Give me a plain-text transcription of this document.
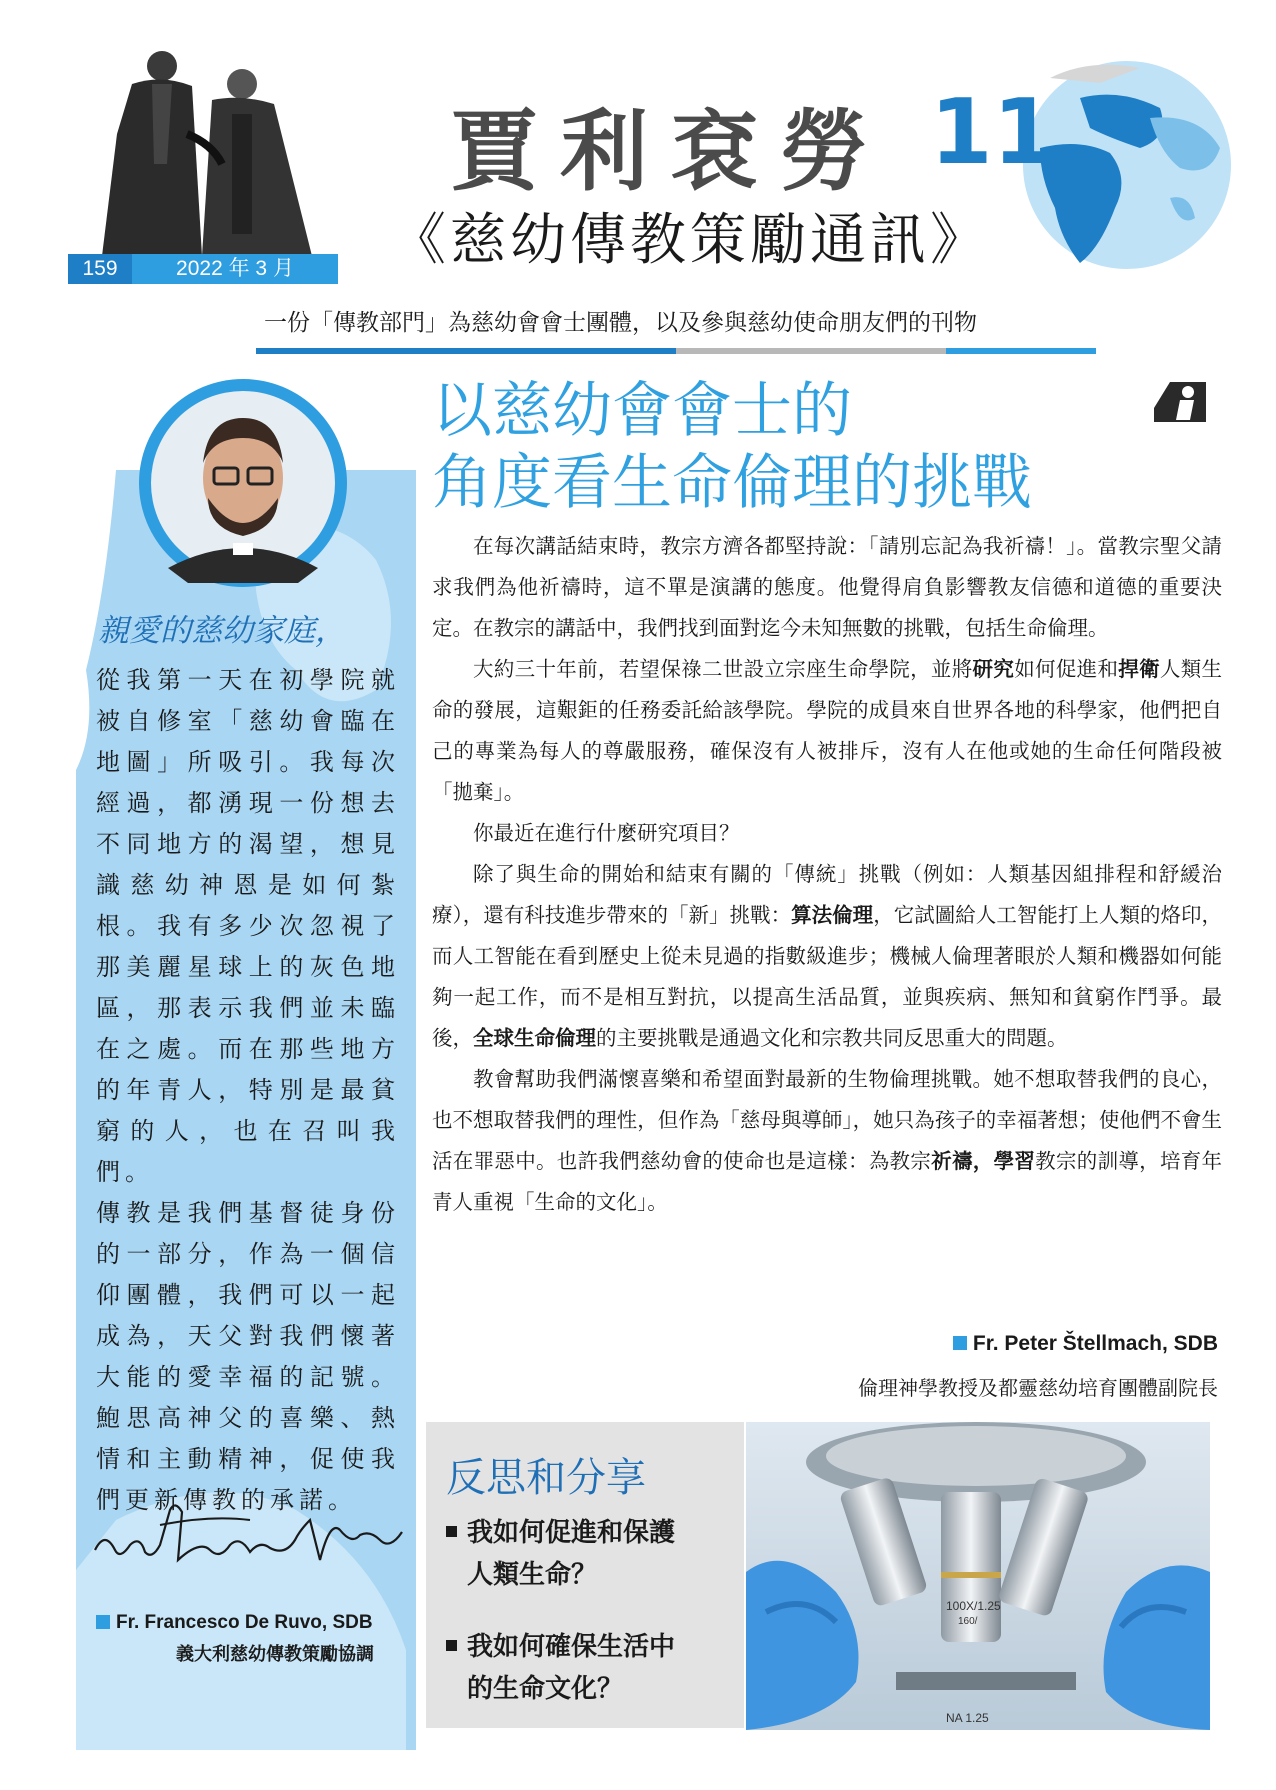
159	2022 年 3 月
賈利袞勞 11
《慈幼傳教策勵通訊》
一份「傳教部門」為慈幼會會士團體，以及參與慈幼使命朋友們的刊物
親愛的慈幼家庭，

從我第一天在初學院就被自修室「慈幼會臨在地圖」所吸引。我每次經過，都湧現一份想去不同地方的渴望，想見識慈幼神恩是如何紮根。我有多少次忽視了那美麗星球上的灰色地區，那表示我們並未臨在之處。而在那些地方的年青人，特別是最貧窮的人，也在召叫我們。

傳教是我們基督徒身份的一部分，作為一個信仰團體，我們可以一起成為，天父對我們懷著大能的愛幸福的記號。鮑思高神父的喜樂、熱情和主動精神，促使我們更新傳教的承諾。

Fr. Francesco De Ruvo, SDB
義大利慈幼傳教策勵協調
以慈幼會會士的
角度看生命倫理的挑戰

在每次講話結束時，教宗方濟各都堅持說：「請別忘記為我祈禱！」。當教宗聖父請求我們為他祈禱時，這不單是演講的態度。他覺得肩負影響教友信德和道德的重要決定。在教宗的講話中，我們找到面對迄今未知無數的挑戰，包括生命倫理。

大約三十年前，若望保祿二世設立宗座生命學院，並將研究如何促進和捍衛人類生命的發展，這艱鉅的任務委託給該學院。學院的成員來自世界各地的科學家，他們把自己的專業為每人的尊嚴服務，確保沒有人被排斥，沒有人在他或她的生命任何階段被「拋棄」。

你最近在進行什麼研究項目？

除了與生命的開始和結束有關的「傳統」挑戰（例如：人類基因組排程和舒緩治療），還有科技進步帶來的「新」挑戰：算法倫理，它試圖給人工智能打上人類的烙印，而人工智能在看到歷史上從未見過的指數級進步；機械人倫理著眼於人類和機器如何能夠一起工作，而不是相互對抗，以提高生活品質，並與疾病、無知和貧窮作鬥爭。最後，全球生命倫理的主要挑戰是通過文化和宗教共同反思重大的問題。

教會幫助我們滿懷喜樂和希望面對最新的生物倫理挑戰。她不想取替我們的良心，也不想取替我們的理性，但作為「慈母與導師」，她只為孩子的幸福著想；使他們不會生活在罪惡中。也許我們慈幼會的使命也是這樣：為教宗祈禱，學習教宗的訓導，培育年青人重視「生命的文化」。

Fr. Peter Štellmach, SDB
倫理神學教授及都靈慈幼培育團體副院長
反思和分享
我如何促進和保護
人類生命？
我如何確保生活中
的生命文化？
100X/1.25
160/
NA 1.25
